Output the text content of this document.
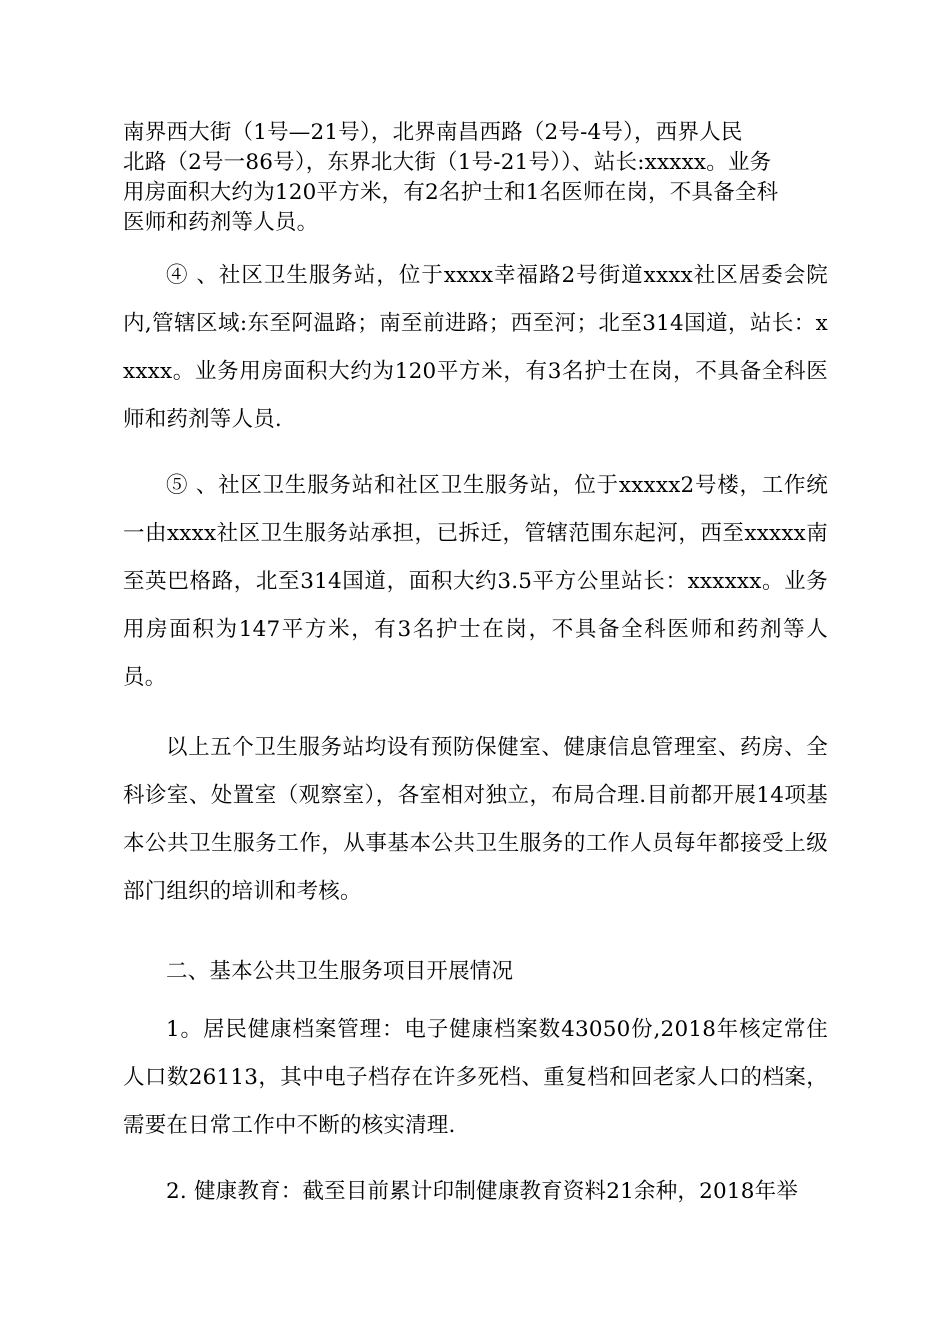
南界西大街（1号—21号），北界南昌西路（2号-4号），西界人民
北路（2号一86号），东界北大街（1号-21号））、站长:xxxxx。业务
用房面积大约为120平方米，有2名护士和1名医师在岗，不具备全科
医师和药剂等人员。

④ 、社区卫生服务站，位于xxxx幸福路2号街道xxxx社区居委会院内,管辖区域:东至阿温路；南至前进路；西至河；北至314国道，站长：xxxxx。业务用房面积大约为120平方米，有3名护士在岗，不具备全科医师和药剂等人员.

⑤ 、社区卫生服务站和社区卫生服务站，位于xxxxx2号楼，工作统一由xxxx社区卫生服务站承担，已拆迁，管辖范围东起河，西至xxxxx南至英巴格路，北至314国道，面积大约3.5平方公里站长：xxxxxx。业务用房面积为147平方米，有3名护士在岗，不具备全科医师和药剂等人员。

以上五个卫生服务站均设有预防保健室、健康信息管理室、药房、全科诊室、处置室（观察室），各室相对独立，布局合理.目前都开展14项基本公共卫生服务工作，从事基本公共卫生服务的工作人员每年都接受上级部门组织的培训和考核。

二、基本公共卫生服务项目开展情况

1。居民健康档案管理：电子健康档案数43050份,2018年核定常住人口数26113，其中电子档存在许多死档、重复档和回老家人口的档案，需要在日常工作中不断的核实清理.

2. 健康教育：截至目前累计印制健康教育资料21余种，2018年举
